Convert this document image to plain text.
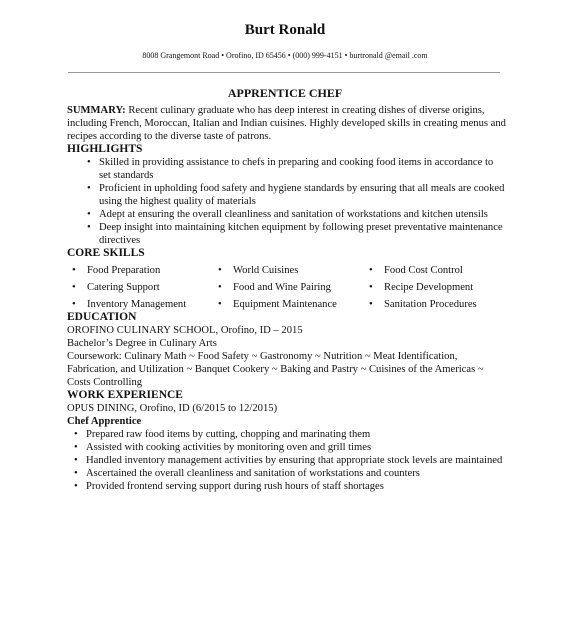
Burt Ronald
8008 Grangemont Road • Orofino, ID 65456 • (000) 999-4151 • burtronald @email .com
APPRENTICE CHEF

SUMMARY: Recent culinary graduate who has deep interest in creating dishes of diverse origins, including French, Moroccan, Italian and Indian cuisines. Highly developed skills in creating menus and recipes according to the diverse taste of patrons.

HIGHLIGHTS

• Skilled in providing assistance to chefs in preparing and cooking food items in accordance to set standards
• Proficient in upholding food safety and hygiene standards by ensuring that all meals are cooked using the highest quality of materials
• Adept at ensuring the overall cleanliness and sanitation of workstations and kitchen utensils
• Deep insight into maintaining kitchen equipment by following preset preventative maintenance directives

CORE SKILLS

• Food Preparation	• World Cuisines	• Food Cost Control
• Catering Support	• Food and Wine Pairing	• Recipe Development
• Inventory Management	• Equipment Maintenance	• Sanitation Procedures

EDUCATION

OROFINO CULINARY SCHOOL, Orofino, ID – 2015

Bachelor’s Degree in Culinary Arts

Coursework: Culinary Math ~ Food Safety ~ Gastronomy ~ Nutrition ~ Meat Identification, Fabrication, and Utilization ~ Banquet Cookery ~ Baking and Pastry ~ Cuisines of the Americas ~ Costs Controlling

WORK EXPERIENCE

OPUS DINING, Orofino, ID (6/2015 to 12/2015)

Chef Apprentice

• Prepared raw food items by cutting, chopping and marinating them
• Assisted with cooking activities by monitoring oven and grill times
• Handled inventory management activities by ensuring that appropriate stock levels are maintained
• Ascertained the overall cleanliness and sanitation of workstations and counters
• Provided frontend serving support during rush hours of staff shortages
